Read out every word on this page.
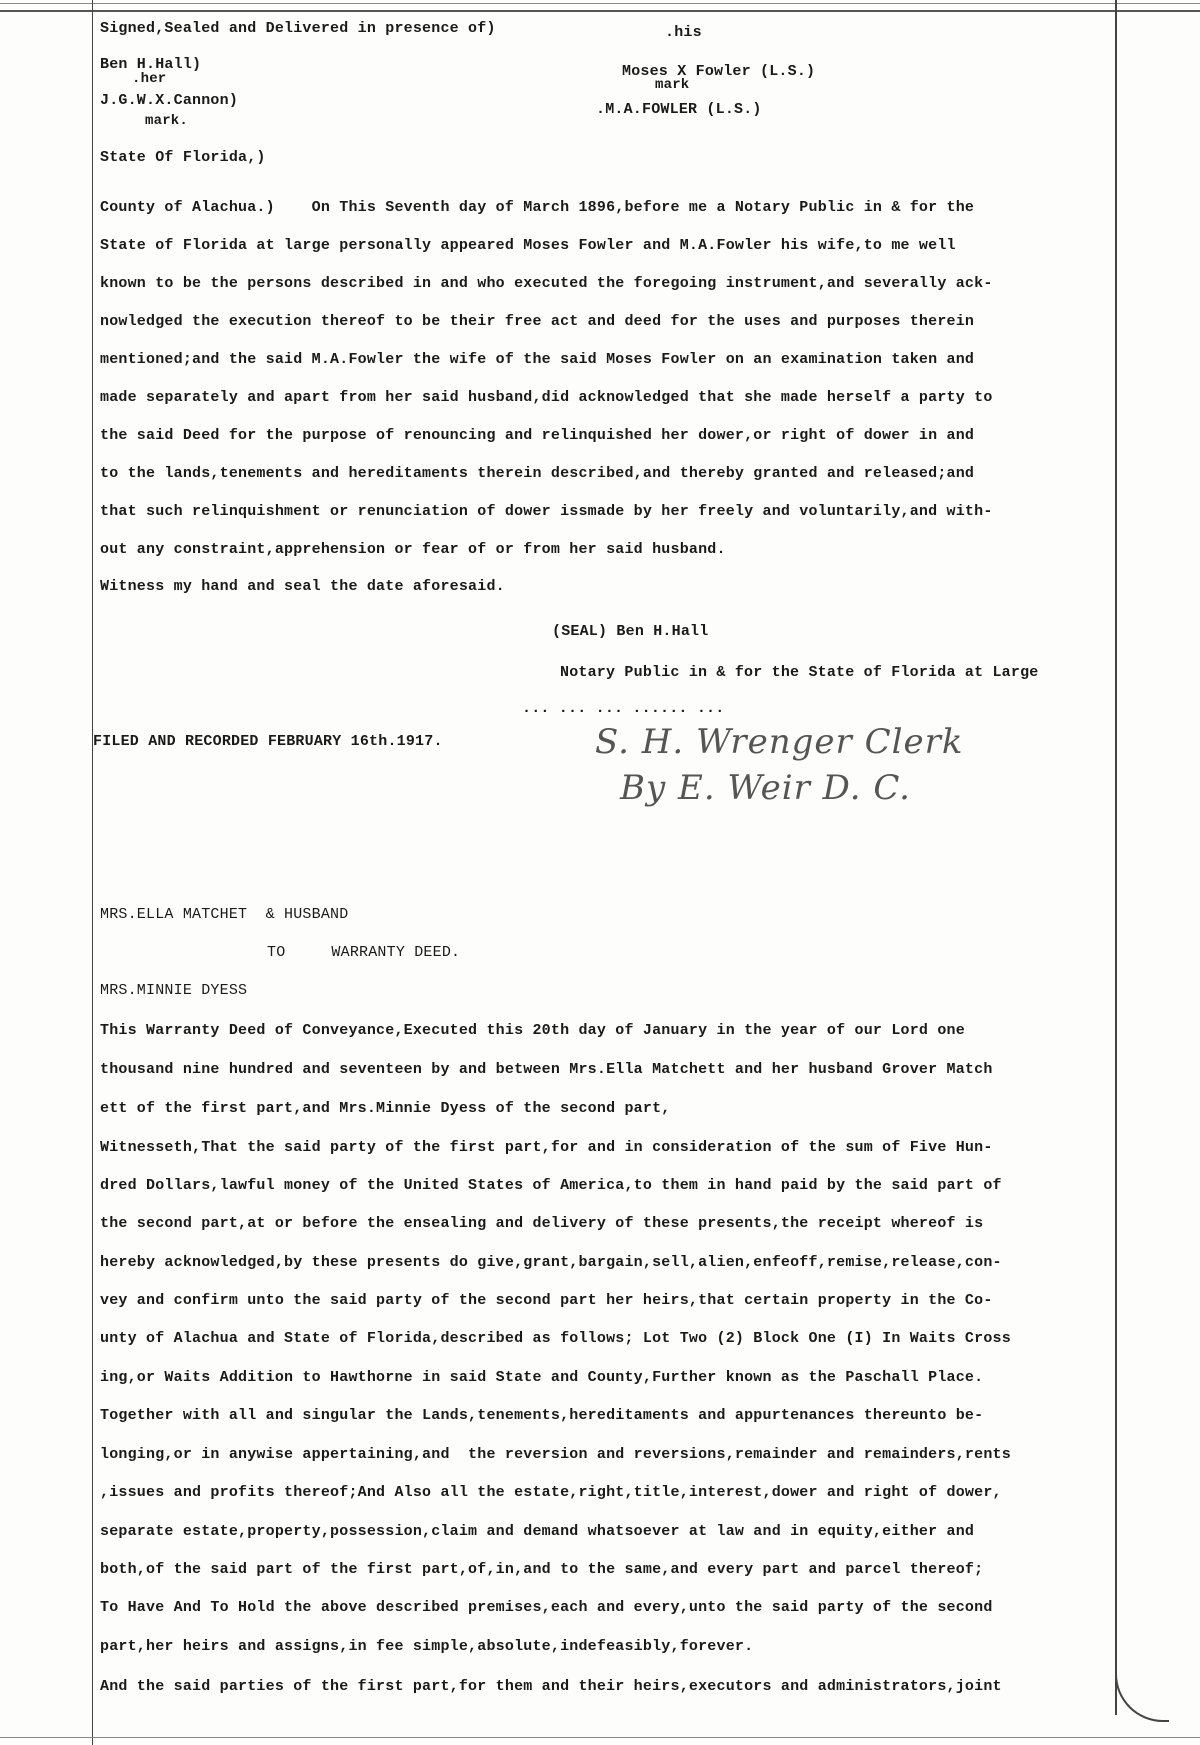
Signed,Sealed and Delivered in presence of)	.his
Ben H.Hall)
.her	Moses X Fowler (L.S.)
mark
J.G.W.X.Cannon)
mark.
.M.A.FOWLER (L.S.)
State Of Florida,)
County of Alachua.)    On This Seventh day of March 1896,before me a Notary Public in & for the
State of Florida at large personally appeared Moses Fowler and M.A.Fowler his wife,to me well
known to be the persons described in and who executed the foregoing instrument,and severally ack-
nowledged the execution thereof to be their free act and deed for the uses and purposes therein
mentioned;and the said M.A.Fowler the wife of the said Moses Fowler on an examination taken and
made separately and apart from her said husband,did acknowledged that she made herself a party to
the said Deed for the purpose of renouncing and relinquished her dower,or right of dower in and
to the lands,tenements and hereditaments therein described,and thereby granted and released;and
that such relinquishment or renunciation of dower issmade by her freely and voluntarily,and with-
out any constraint,apprehension or fear of or from her said husband.
Witness my hand and seal the date aforesaid.
(SEAL) Ben H.Hall
Notary Public in & for the State of Florida at Large
... ... ... ...... ...
FILED AND RECORDED FEBRUARY 16th.1917.	S. H. Wrenger Clerk
By E. Weir D. C.
MRS.ELLA MATCHET  & HUSBAND
TO     WARRANTY DEED.
MRS.MINNIE DYESS
This Warranty Deed of Conveyance,Executed this 20th day of January in the year of our Lord one
thousand nine hundred and seventeen by and between Mrs.Ella Matchett and her husband Grover Match
ett of the first part,and Mrs.Minnie Dyess of the second part,
Witnesseth,That the said party of the first part,for and in consideration of the sum of Five Hun-
dred Dollars,lawful money of the United States of America,to them in hand paid by the said part of
the second part,at or before the ensealing and delivery of these presents,the receipt whereof is
hereby acknowledged,by these presents do give,grant,bargain,sell,alien,enfeoff,remise,release,con-
vey and confirm unto the said party of the second part her heirs,that certain property in the Co-
unty of Alachua and State of Florida,described as follows; Lot Two (2) Block One (I) In Waits Cross
ing,or Waits Addition to Hawthorne in said State and County,Further known as the Paschall Place.
Together with all and singular the Lands,tenements,hereditaments and appurtenances thereunto be-
longing,or in anywise appertaining,and  the reversion and reversions,remainder and remainders,rents
,issues and profits thereof;And Also all the estate,right,title,interest,dower and right of dower,
separate estate,property,possession,claim and demand whatsoever at law and in equity,either and
both,of the said part of the first part,of,in,and to the same,and every part and parcel thereof;
To Have And To Hold the above described premises,each and every,unto the said party of the second
part,her heirs and assigns,in fee simple,absolute,indefeasibly,forever.
And the said parties of the first part,for them and their heirs,executors and administrators,joint
